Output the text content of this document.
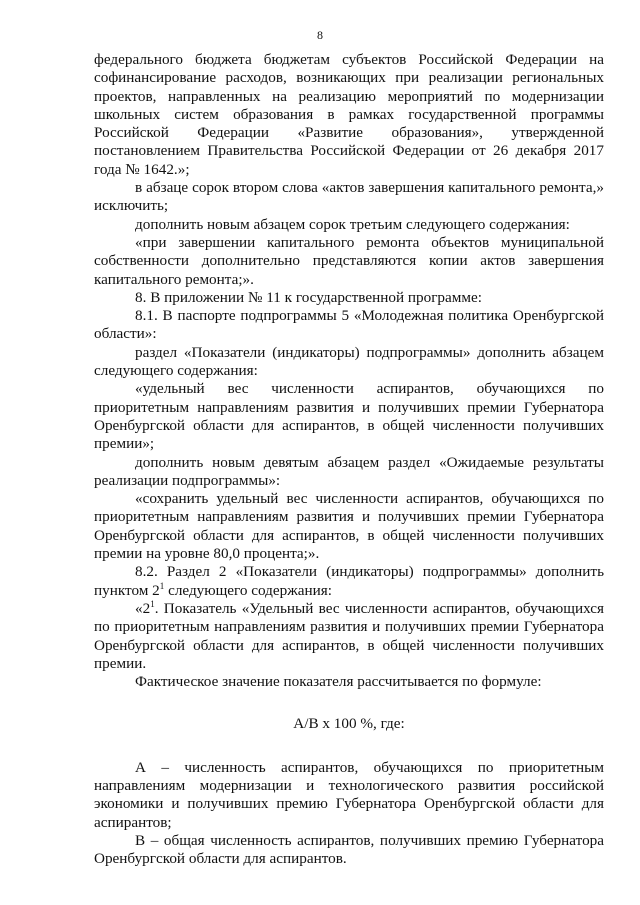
8

федерального бюджета бюджетам субъектов Российской Федерации на софинансирование расходов, возникающих при реализации региональных проектов, направленных на реализацию мероприятий по модернизации школьных систем образования в рамках государственной программы Российской Федерации «Развитие образования», утвержденной постановлением Правительства Российской Федерации от 26 декабря 2017 года № 1642.»;

в абзаце сорок втором слова «актов завершения капитального ремонта,» исключить;

дополнить новым абзацем сорок третьим следующего содержания:

«при завершении капитального ремонта объектов муниципальной собственности дополнительно представляются копии актов завершения капитального ремонта;».

8. В приложении № 11 к государственной программе:

8.1. В паспорте подпрограммы 5 «Молодежная политика Оренбургской области»:

раздел «Показатели (индикаторы) подпрограммы» дополнить абзацем следующего содержания:

«удельный вес численности аспирантов, обучающихся по приоритетным направлениям развития и получивших премии Губернатора Оренбургской области для аспирантов, в общей численности получивших премии»;

дополнить новым девятым абзацем раздел «Ожидаемые результаты реализации подпрограммы»:

«сохранить удельный вес численности аспирантов, обучающихся по приоритетным направлениям развития и получивших премии Губернатора Оренбургской области для аспирантов, в общей численности получивших премии на уровне 80,0 процента;».

8.2. Раздел 2 «Показатели (индикаторы) подпрограммы» дополнить пунктом $2^1$ следующего содержания:

«$2^1$. Показатель «Удельный вес численности аспирантов, обучающихся по приоритетным направлениям развития и получивших премии Губернатора Оренбургской области для аспирантов, в общей численности получивших премии.

Фактическое значение показателя рассчитывается по формуле:

А/В x 100 %, где:

А – численность аспирантов, обучающихся по приоритетным направлениям модернизации и технологического развития российской экономики и получивших премию Губернатора Оренбургской области для аспирантов;

В – общая численность аспирантов, получивших премию Губернатора Оренбургской области для аспирантов.
